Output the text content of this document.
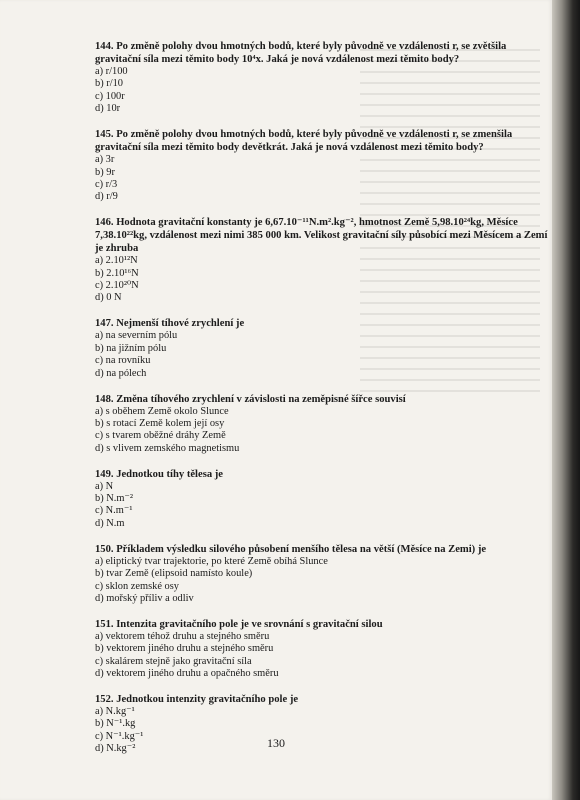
144. Po změně polohy dvou hmotných bodů, které byly původně ve vzdálenosti r, se zvětšila gravitační síla mezi těmito body 10⁴x. Jaká je nová vzdálenost mezi těmito body?

a) r/100

b) r/10

c) 100r

d) 10r

145. Po změně polohy dvou hmotných bodů, které byly původně ve vzdálenosti r, se zmenšila gravitační síla mezi těmito body devětkrát. Jaká je nová vzdálenost mezi těmito body?

a) 3r

b) 9r

c) r/3

d) r/9

146. Hodnota gravitační konstanty je 6,67.10⁻¹¹N.m².kg⁻², hmotnost Země 5,98.10²⁴kg, Měsíce 7,38.10²²kg, vzdálenost mezi nimi 385 000 km. Velikost gravitační síly působící mezi Měsícem a Zemí je zhruba

a) 2.10¹²N

b) 2.10¹⁶N

c) 2.10²⁰N

d) 0 N

147. Nejmenší tíhové zrychlení je

a) na severním pólu

b) na jižním pólu

c) na rovníku

d) na pólech

148. Změna tíhového zrychlení v závislosti na zeměpisné šířce souvisí

a) s oběhem Země okolo Slunce

b) s rotací Země kolem její osy

c) s tvarem oběžné dráhy Země

d) s vlivem zemského magnetismu

149. Jednotkou tíhy tělesa je

a) N

b) N.m⁻²

c) N.m⁻¹

d) N.m

150. Příkladem výsledku silového působení menšího tělesa na větší (Měsíce na Zemi) je

a) eliptický tvar trajektorie, po které Země obíhá Slunce

b) tvar Země (elipsoid namísto koule)

c) sklon zemské osy

d) mořský příliv a odliv

151. Intenzita gravitačního pole je ve srovnání s gravitační silou

a) vektorem téhož druhu a stejného směru

b) vektorem jiného druhu a stejného směru

c) skalárem stejně jako gravitační síla

d) vektorem jiného druhu a opačného směru

152. Jednotkou intenzity gravitačního pole je

a) N.kg⁻¹

b) N⁻¹.kg

c) N⁻¹.kg⁻¹

d) N.kg⁻²	130
